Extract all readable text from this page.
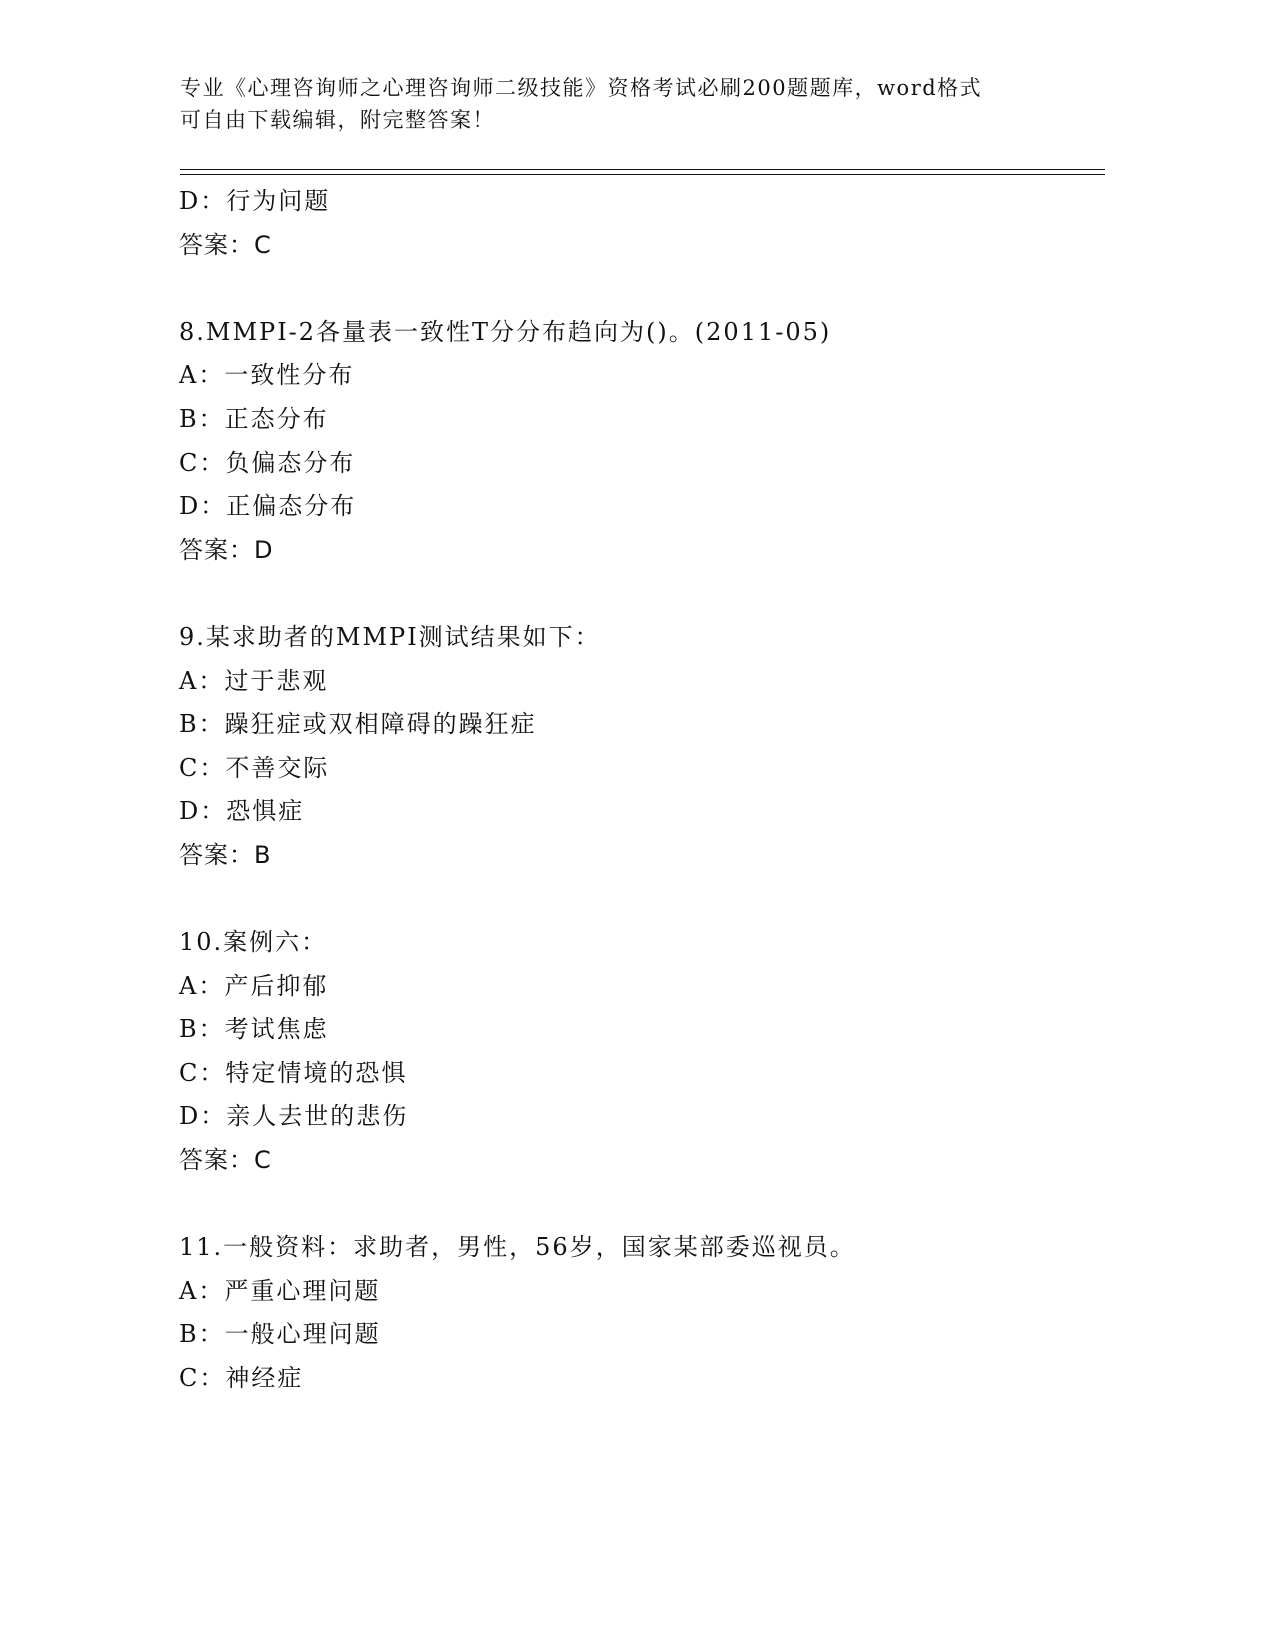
专业《心理咨询师之心理咨询师二级技能》资格考试必刷200题题库，word格式
可自由下载编辑，附完整答案！
D：行为问题
答案：C
8.MMPI-2各量表一致性T分分布趋向为()。(2011-05)
A：一致性分布
B：正态分布
C：负偏态分布
D：正偏态分布
答案：D
9.某求助者的MMPI测试结果如下：
A：过于悲观
B：躁狂症或双相障碍的躁狂症
C：不善交际
D：恐惧症
答案：B
10.案例六：
A：产后抑郁
B：考试焦虑
C：特定情境的恐惧
D：亲人去世的悲伤
答案：C
11.一般资料：求助者，男性，56岁，国家某部委巡视员。
A：严重心理问题
B：一般心理问题
C：神经症
